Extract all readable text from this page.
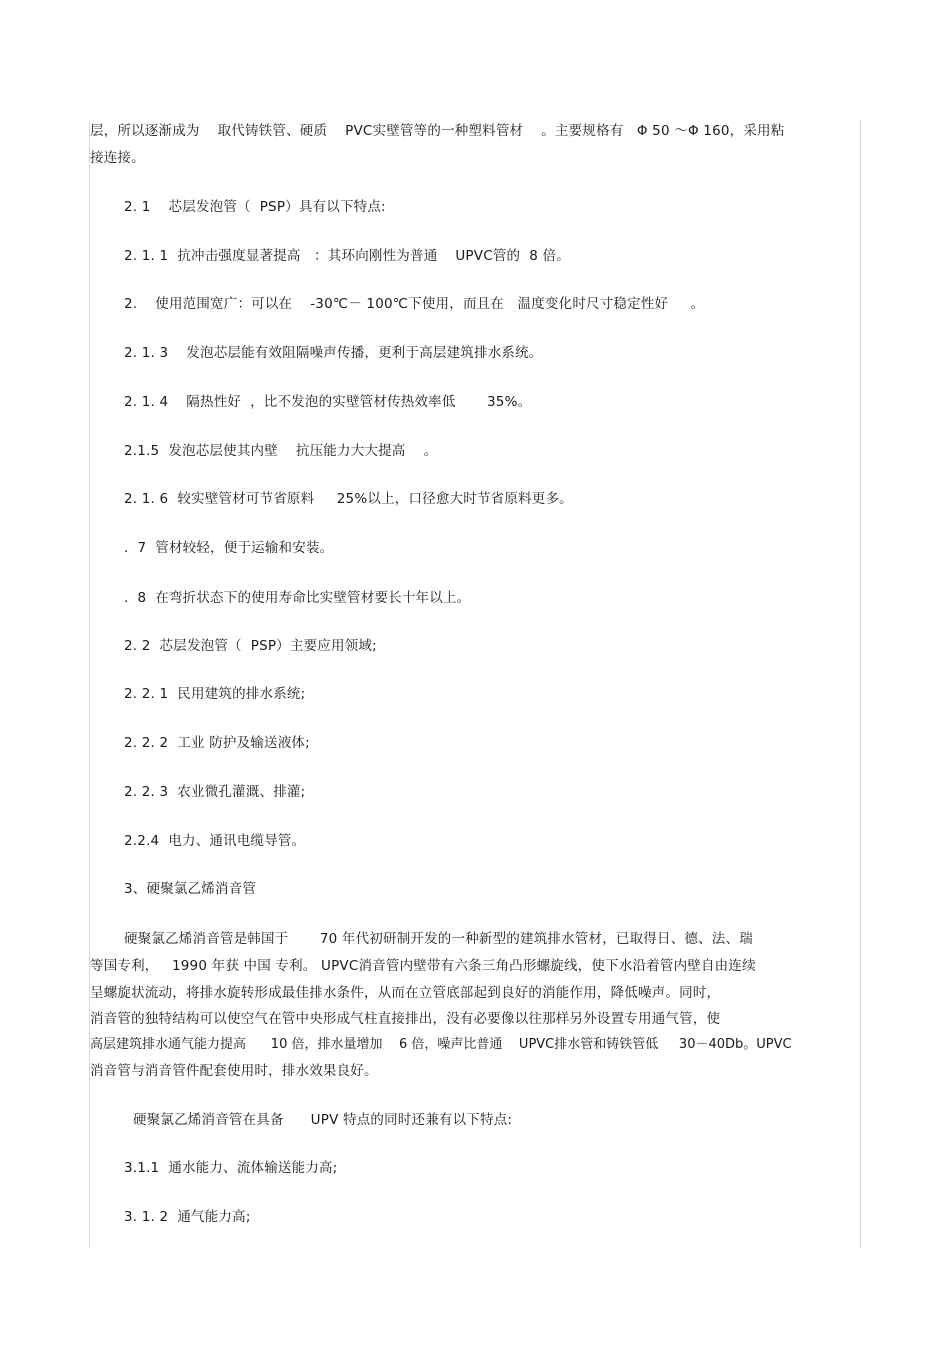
层，所以逐渐成为    取代铸铁管、硬质    PVC实壁管等的一种塑料管材    。主要规格有   Φ 50 ～Φ 160，采用粘
接连接。
2. 1    芯层发泡管（  PSP）具有以下特点:
2. 1. 1  抗冲击强度显著提高   ：其环向刚性为普通    UPVC管的  8 倍。
2.    使用范围宽广：可以在    -30℃－ 100℃下使用，而且在   温度变化时尺寸稳定性好     。
2. 1. 3    发泡芯层能有效阻隔噪声传播，更利于高层建筑排水系统。
2. 1. 4    隔热性好  ，比不发泡的实壁管材传热效率低       35%。
2.1.5  发泡芯层使其内壁    抗压能力大大提高    。
2. 1. 6  较实壁管材可节省原料     25%以上，口径愈大时节省原料更多。
.  7  管材较轻，便于运输和安装。
.  8  在弯折状态下的使用寿命比实壁管材要长十年以上。
2. 2  芯层发泡管（  PSP）主要应用领域;
2. 2. 1  民用建筑的排水系统;
2. 2. 2  工业 防护及输送液体;
2. 2. 3  农业微孔灌溉、排灌;
2.2.4  电力、通讯电缆导管。
3、硬聚氯乙烯消音管
硬聚氯乙烯消音管是韩国于       70 年代初研制开发的一种新型的建筑排水管材，已取得日、德、法、瑞
等国专利，   1990 年获 中国 专利。 UPVC消音管内壁带有六条三角凸形螺旋线，使下水沿着管内壁自由连续
呈螺旋状流动，将排水旋转形成最佳排水条件，从而在立管底部起到良好的消能作用，降低噪声。同时，
消音管的独特结构可以使空气在管中央形成气柱直接排出，没有必要像以往那样另外设置专用通气管，使
高层建筑排水通气能力提高      10 倍，排水量增加    6 倍，噪声比普通    UPVC排水管和铸铁管低     30－40Db。UPVC
消音管与消音管件配套使用时，排水效果良好。
硬聚氯乙烯消音管在具备      UPV 特点的同时还兼有以下特点:
3.1.1  通水能力、流体输送能力高;
3. 1. 2  通气能力高;
